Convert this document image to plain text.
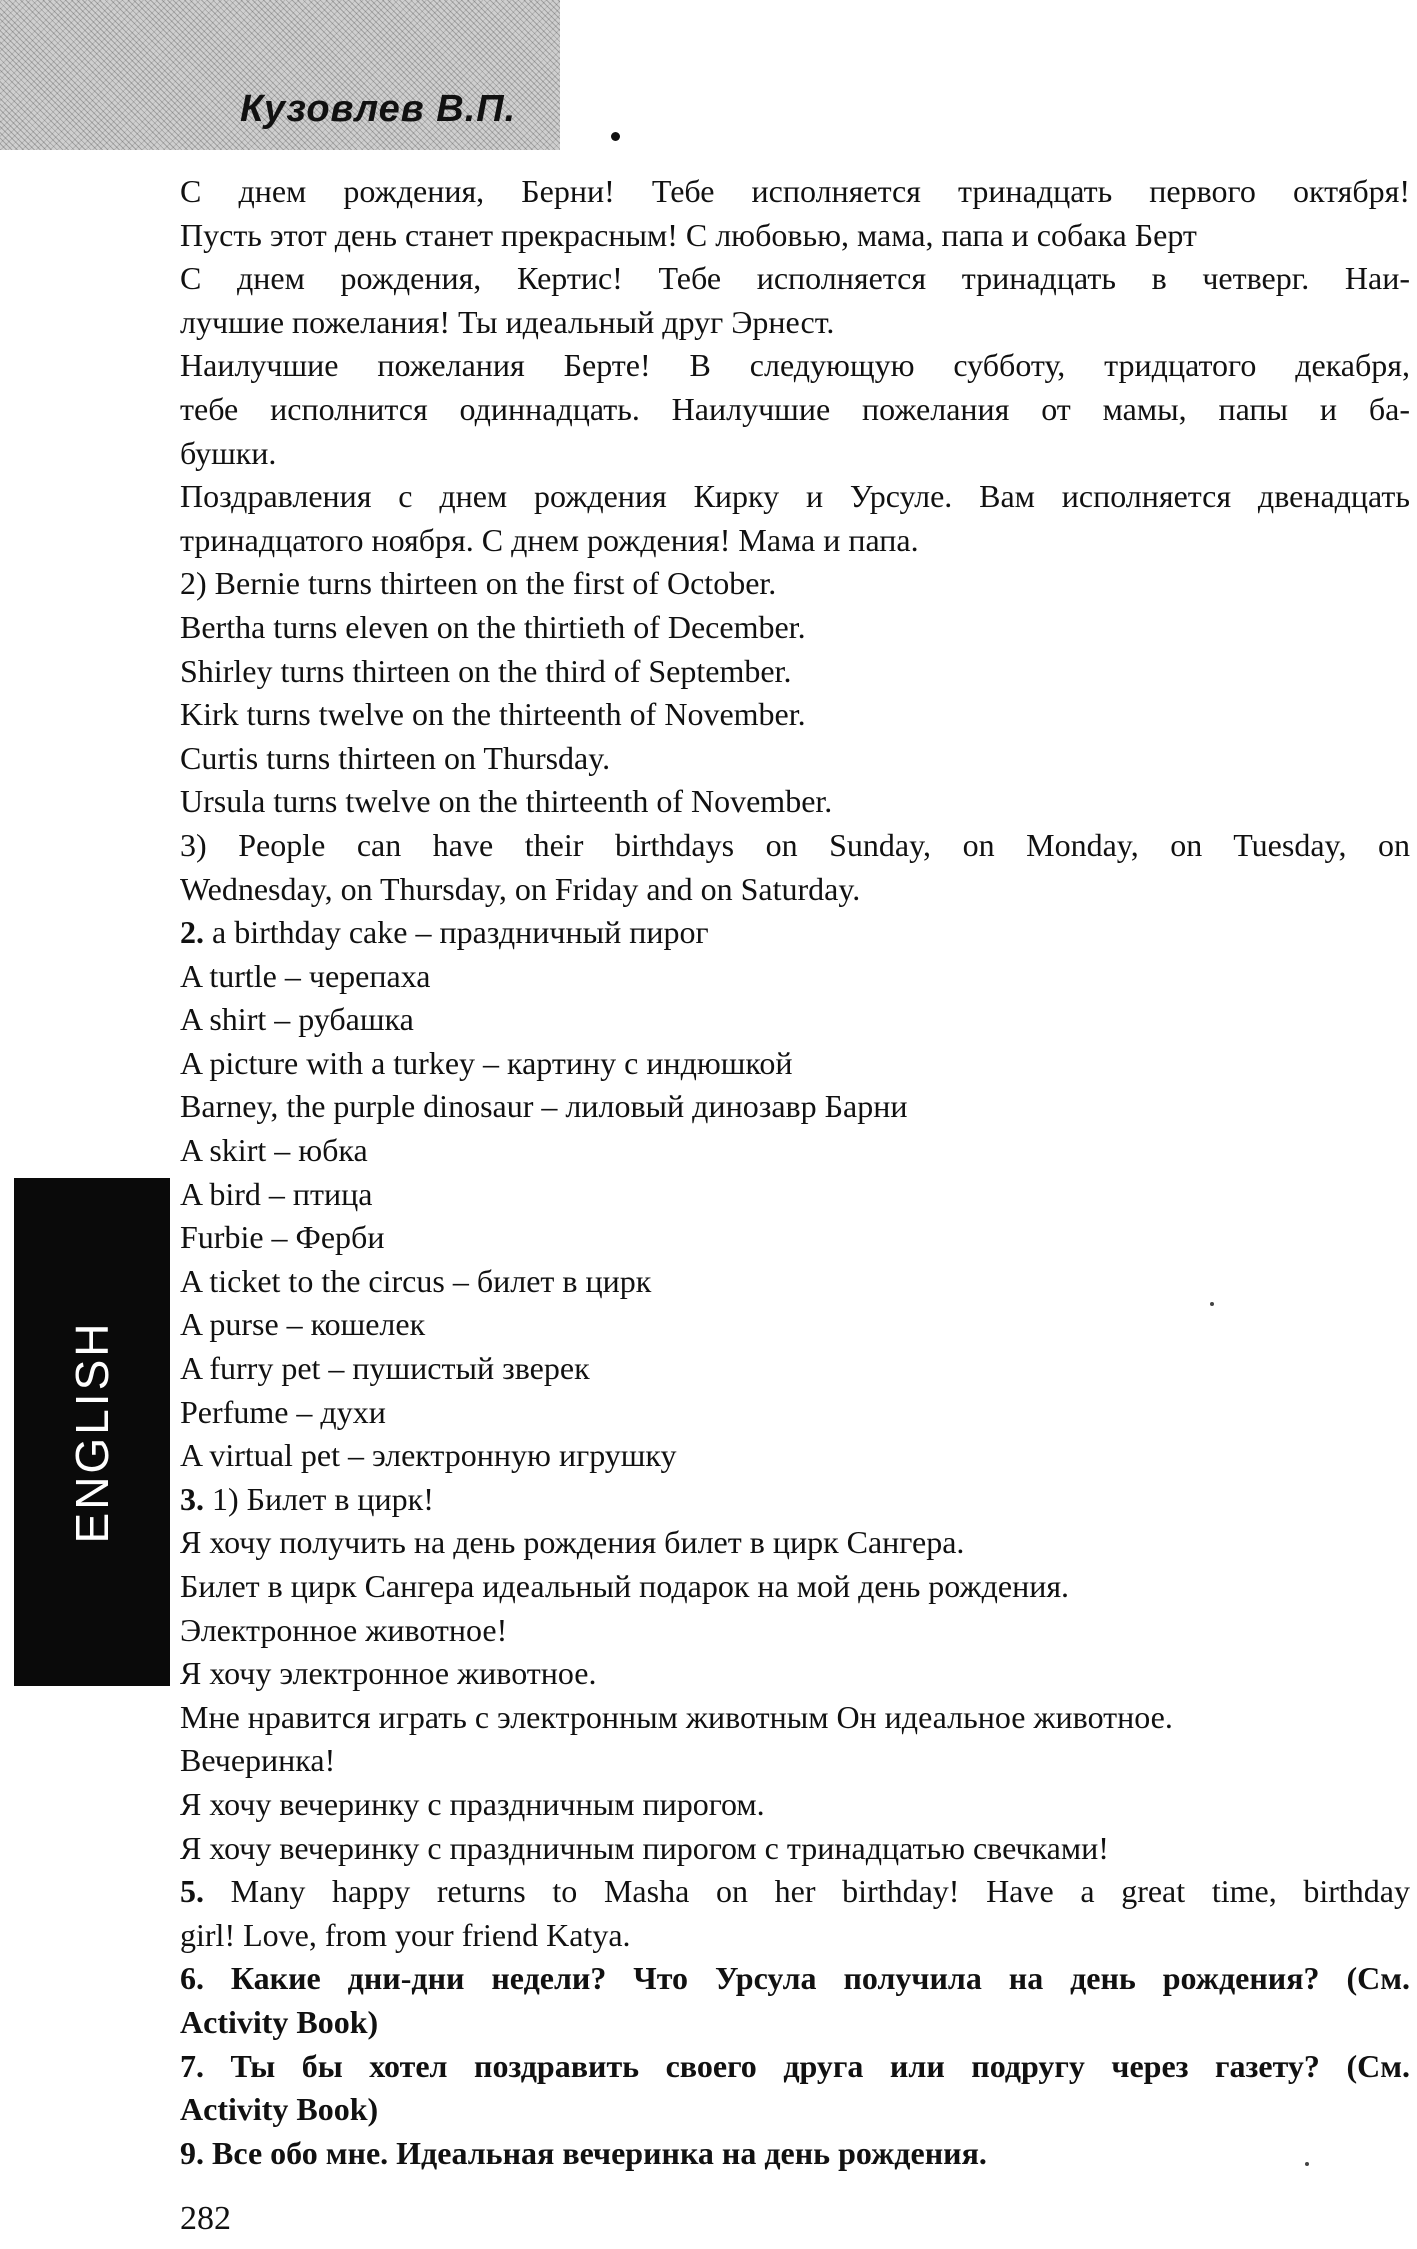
Кузовлев В.П.
ENGLISH
С днем рождения, Берни! Тебе исполняется тринадцать первого октября!
Пусть этот день станет прекрасным! С любовью, мама, папа и собака Берт
С днем рождения, Кертис! Тебе исполняется тринадцать в четверг. Наи-
лучшие пожелания! Ты идеальный друг Эрнест.
Наилучшие пожелания Берте! В следующую субботу, тридцатого декабря,
тебе исполнится одиннадцать. Наилучшие пожелания от мамы, папы и ба-
бушки.
Поздравления с днем рождения Кирку и Урсуле. Вам исполняется двенадцать
тринадцатого ноября. С днем рождения! Мама и папа.
2) Bernie turns thirteen on the first of October.
Bertha turns eleven on the thirtieth of December.
Shirley turns thirteen on the third of September.
Kirk turns twelve on the thirteenth of November.
Curtis turns thirteen on Thursday.
Ursula turns twelve on the thirteenth of November.
3) People can have their birthdays on Sunday, on Monday, on Tuesday, on
Wednesday, on Thursday, on Friday and on Saturday.
2. a birthday cake – праздничный пирог
A turtle – черепаха
A shirt – рубашка
A picture with a turkey – картину с индюшкой
Barney, the purple dinosaur – лиловый динозавр Барни
A skirt – юбка
A bird – птица
Furbie – Ферби
A ticket to the circus – билет в цирк
A purse – кошелек
A furry pet – пушистый зверек
Perfume – духи
A virtual pet – электронную игрушку
3. 1) Билет в цирк!
Я хочу получить на день рождения билет в цирк Сангера.
Билет в цирк Сангера идеальный подарок на мой день рождения.
Электронное животное!
Я хочу электронное животное.
Мне нравится играть с электронным животным Он идеальное животное.
Вечеринка!
Я хочу вечеринку с праздничным пирогом.
Я хочу вечеринку с праздничным пирогом с тринадцатью свечками!
5. Many happy returns to Masha on her birthday! Have a great time, birthday
girl! Love, from your friend Katya.
6. Какие дни-дни недели? Что Урсула получила на день рождения? (См.
Activity Book)
7. Ты бы хотел поздравить своего друга или подругу через газету? (См.
Activity Book)
9. Все обо мне. Идеальная вечеринка на день рождения.
282
